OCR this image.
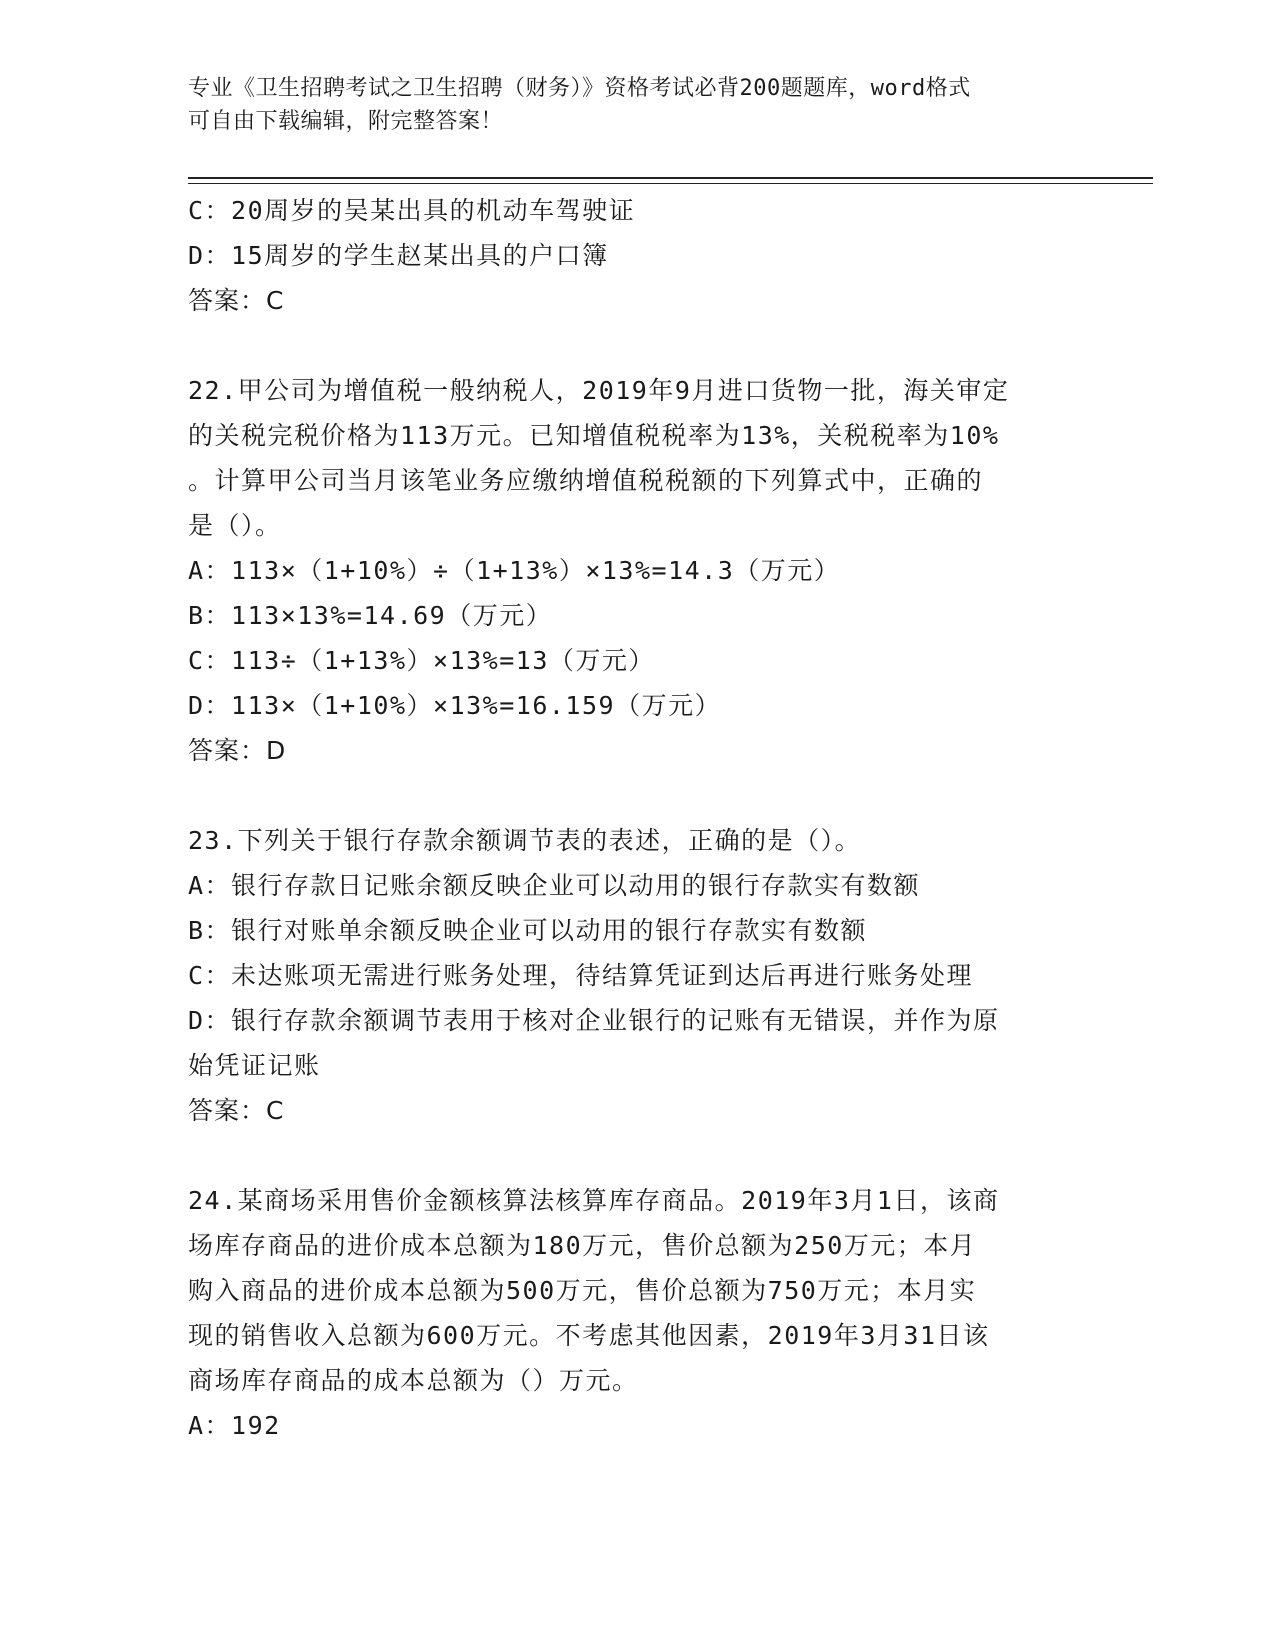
专业《卫生招聘考试之卫生招聘（财务）》资格考试必背200题题库，word格式
可自由下载编辑，附完整答案！
C：20周岁的吴某出具的机动车驾驶证
D：15周岁的学生赵某出具的户口簿
答案：C
22.甲公司为增值税一般纳税人，2019年9月进口货物一批，海关审定
的关税完税价格为113万元。已知增值税税率为13%，关税税率为10%
。计算甲公司当月该笔业务应缴纳增值税税额的下列算式中，正确的
是（）。
A：113×（1+10%）÷（1+13%）×13%=14.3（万元）
B：113×13%=14.69（万元）
C：113÷（1+13%）×13%=13（万元）
D：113×（1+10%）×13%=16.159（万元）
答案：D
23.下列关于银行存款余额调节表的表述，正确的是（）。
A：银行存款日记账余额反映企业可以动用的银行存款实有数额
B：银行对账单余额反映企业可以动用的银行存款实有数额
C：未达账项无需进行账务处理，待结算凭证到达后再进行账务处理
D：银行存款余额调节表用于核对企业银行的记账有无错误，并作为原
始凭证记账
答案：C
24.某商场采用售价金额核算法核算库存商品。2019年3月1日，该商
场库存商品的进价成本总额为180万元，售价总额为250万元；本月
购入商品的进价成本总额为500万元，售价总额为750万元；本月实
现的销售收入总额为600万元。不考虑其他因素，2019年3月31日该
商场库存商品的成本总额为（）万元。
A：192
